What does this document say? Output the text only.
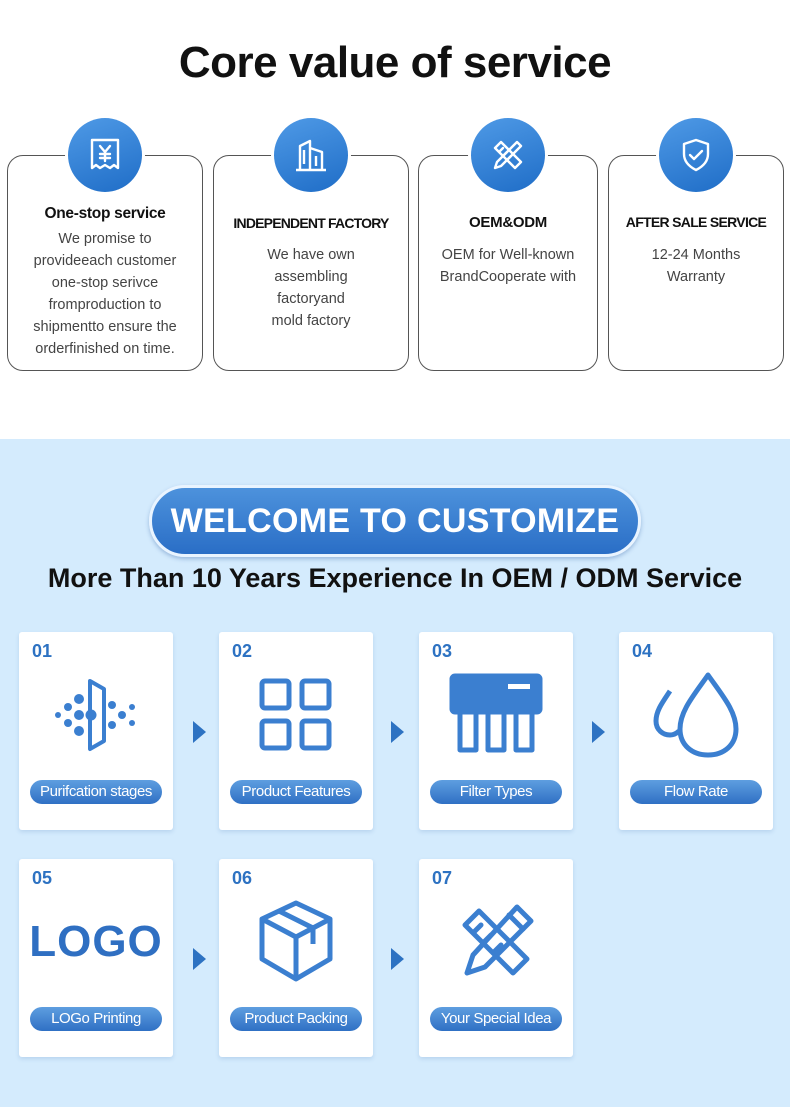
Core value of service
One-stop service
We promise to
provideeach customer
one-stop serivce
fromproduction to
shipmentto ensure the
orderfinished on time.
INDEPENDENT FACTORY
We have own
assembling
factoryand
mold factory
OEM&ODM
OEM for Well-known
BrandCooperate with
AFTER SALE SERVICE
12-24 Months
Warranty
WELCOME TO CUSTOMIZE
More Than 10 Years Experience In OEM / ODM Service
01
Purifcation stages
02
Product Features
03
Filter Types
04
Flow Rate
05
LOGO
LOGo Printing
06
Product Packing
07
Your Special Idea
